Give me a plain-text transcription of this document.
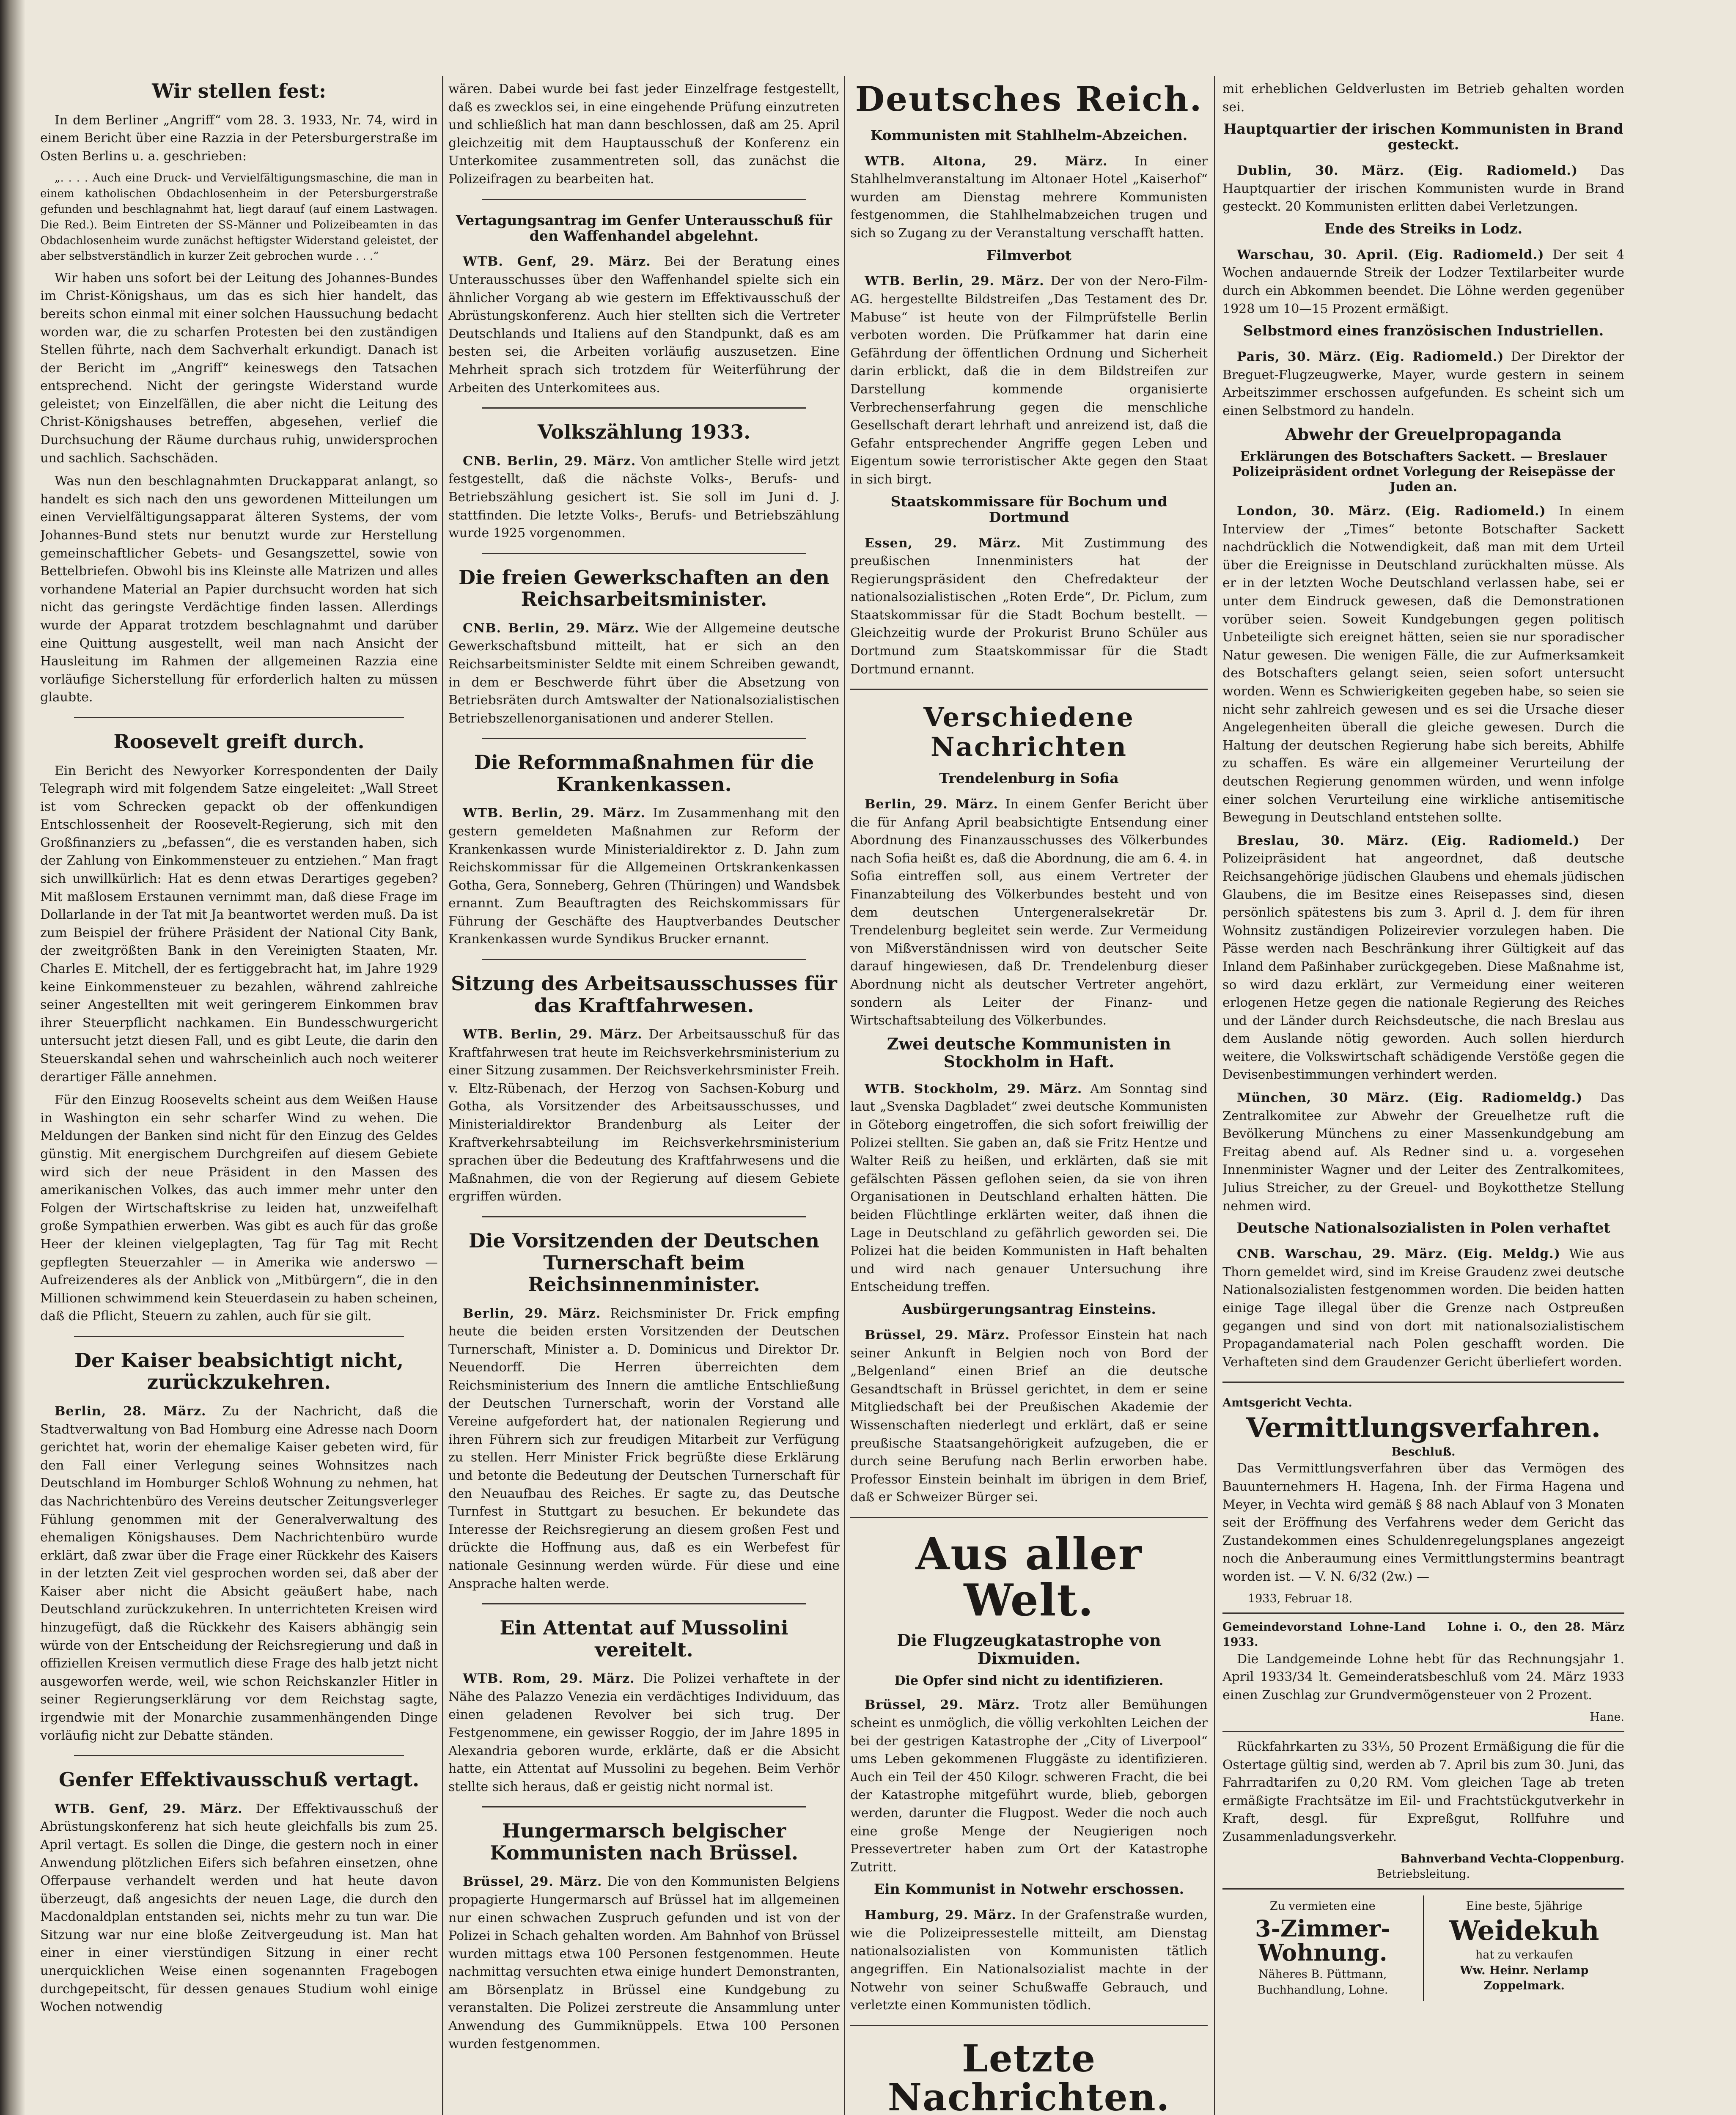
Wir stellen fest:

In dem Berliner „Angriff“ vom 28. 3. 1933, Nr. 74, wird in einem Bericht über eine Razzia in der Petersburgerstraße im Osten Berlins u. a. geschrieben:

„. . . . Auch eine Druck- und Vervielfältigungsmaschine, die man in einem katholischen Obdachlosenheim in der Petersburgerstraße gefunden und beschlagnahmt hat, liegt darauf (auf einem Lastwagen. Die Red.). Beim Eintreten der SS-Männer und Polizeibeamten in das Obdachlosenheim wurde zunächst heftigster Widerstand geleistet, der aber selbstverständlich in kurzer Zeit gebrochen wurde . . .“

Wir haben uns sofort bei der Leitung des Johannes-Bundes im Christ-Königshaus, um das es sich hier handelt, das bereits schon einmal mit einer solchen Haussuchung bedacht worden war, die zu scharfen Protesten bei den zuständigen Stellen führte, nach dem Sachverhalt erkundigt. Danach ist der Bericht im „Angriff“ keineswegs den Tatsachen entsprechend. Nicht der geringste Widerstand wurde geleistet; von Einzelfällen, die aber nicht die Leitung des Christ-Königshauses betreffen, abgesehen, verlief die Durchsuchung der Räume durchaus ruhig, unwidersprochen und sachlich. Sachschäden.

Was nun den beschlagnahmten Druckapparat anlangt, so handelt es sich nach den uns gewordenen Mitteilungen um einen Vervielfältigungsapparat älteren Systems, der vom Johannes-Bund stets nur benutzt wurde zur Herstellung gemeinschaftlicher Gebets- und Gesangszettel, sowie von Bettelbriefen. Obwohl bis ins Kleinste alle Matrizen und alles vorhandene Material an Papier durchsucht worden hat sich nicht das geringste Verdächtige finden lassen. Allerdings wurde der Apparat trotzdem beschlagnahmt und darüber eine Quittung ausgestellt, weil man nach Ansicht der Hausleitung im Rahmen der allgemeinen Razzia eine vorläufige Sicherstellung für erforderlich halten zu müssen glaubte.

Roosevelt greift durch.

Ein Bericht des Newyorker Korrespondenten der Daily Telegraph wird mit folgendem Satze eingeleitet: „Wall Street ist vom Schrecken gepackt ob der offenkundigen Entschlossenheit der Roosevelt-Regierung, sich mit den Großfinanziers zu „befassen“, die es verstanden haben, sich der Zahlung von Einkommensteuer zu entziehen.“ Man fragt sich unwillkürlich: Hat es denn etwas Derartiges gegeben? Mit maßlosem Erstaunen vernimmt man, daß diese Frage im Dollarlande in der Tat mit Ja beantwortet werden muß. Da ist zum Beispiel der frühere Präsident der National City Bank, der zweitgrößten Bank in den Vereinigten Staaten, Mr. Charles E. Mitchell, der es fertiggebracht hat, im Jahre 1929 keine Einkommensteuer zu bezahlen, während zahlreiche seiner Angestellten mit weit geringerem Einkommen brav ihrer Steuerpflicht nachkamen. Ein Bundesschwurgericht untersucht jetzt diesen Fall, und es gibt Leute, die darin den Steuerskandal sehen und wahrscheinlich auch noch weiterer derartiger Fälle annehmen.

Für den Einzug Roosevelts scheint aus dem Weißen Hause in Washington ein sehr scharfer Wind zu wehen. Die Meldungen der Banken sind nicht für den Einzug des Geldes günstig. Mit energischem Durchgreifen auf diesem Gebiete wird sich der neue Präsident in den Massen des amerikanischen Volkes, das auch immer mehr unter den Folgen der Wirtschaftskrise zu leiden hat, unzweifelhaft große Sympathien erwerben. Was gibt es auch für das große Heer der kleinen vielgeplagten, Tag für Tag mit Recht gepflegten Steuerzahler — in Amerika wie anderswo — Aufreizenderes als der Anblick von „Mitbürgern“, die in den Millionen schwimmend kein Steuerdasein zu haben scheinen, daß die Pflicht, Steuern zu zahlen, auch für sie gilt.

Der Kaiser beabsichtigt nicht, zurückzukehren.

Berlin, 28. März. Zu der Nachricht, daß die Stadtverwaltung von Bad Homburg eine Adresse nach Doorn gerichtet hat, worin der ehemalige Kaiser gebeten wird, für den Fall einer Verlegung seines Wohnsitzes nach Deutschland im Homburger Schloß Wohnung zu nehmen, hat das Nachrichtenbüro des Vereins deutscher Zeitungsverleger Fühlung genommen mit der Generalverwaltung des ehemaligen Königshauses. Dem Nachrichtenbüro wurde erklärt, daß zwar über die Frage einer Rückkehr des Kaisers in der letzten Zeit viel gesprochen worden sei, daß aber der Kaiser aber nicht die Absicht geäußert habe, nach Deutschland zurückzukehren. In unterrichteten Kreisen wird hinzugefügt, daß die Rückkehr des Kaisers abhängig sein würde von der Entscheidung der Reichsregierung und daß in offiziellen Kreisen vermutlich diese Frage des halb jetzt nicht ausgeworfen werde, weil, wie schon Reichskanzler Hitler in seiner Regierungserklärung vor dem Reichstag sagte, irgendwie mit der Monarchie zusammenhängenden Dinge vorläufig nicht zur Debatte ständen.

Genfer Effektivausschuß vertagt.

WTB. Genf, 29. März. Der Effektivausschuß der Abrüstungskonferenz hat sich heute gleichfalls bis zum 25. April vertagt. Es sollen die Dinge, die gestern noch in einer Anwendung plötzlichen Eifers sich befahren einsetzen, ohne Offerpause verhandelt werden und hat heute davon überzeugt, daß angesichts der neuen Lage, die durch den Macdonaldplan entstanden sei, nichts mehr zu tun war. Die Sitzung war nur eine bloße Zeitvergeudung ist. Man hat einer in einer vierstündigen Sitzung in einer recht unerquicklichen Weise einen sogenannten Fragebogen durchgepeitscht, für dessen genaues Studium wohl einige Wochen notwendig

wären. Dabei wurde bei fast jeder Einzelfrage festgestellt, daß es zwecklos sei, in eine eingehende Prüfung einzutreten und schließlich hat man dann beschlossen, daß am 25. April gleichzeitig mit dem Hauptausschuß der Konferenz ein Unterkomitee zusammentreten soll, das zunächst die Polizeifragen zu bearbeiten hat.

Vertagungsantrag im Genfer Unterausschuß für den Waffenhandel abgelehnt.

WTB. Genf, 29. März. Bei der Beratung eines Unterausschusses über den Waffenhandel spielte sich ein ähnlicher Vorgang ab wie gestern im Effektivausschuß der Abrüstungskonferenz. Auch hier stellten sich die Vertreter Deutschlands und Italiens auf den Standpunkt, daß es am besten sei, die Arbeiten vorläufig auszusetzen. Eine Mehrheit sprach sich trotzdem für Weiterführung der Arbeiten des Unterkomitees aus.

Volkszählung 1933.

CNB. Berlin, 29. März. Von amtlicher Stelle wird jetzt festgestellt, daß die nächste Volks-, Berufs- und Betriebszählung gesichert ist. Sie soll im Juni d. J. stattfinden. Die letzte Volks-, Berufs- und Betriebszählung wurde 1925 vorgenommen.

Die freien Gewerkschaften an den Reichsarbeitsminister.

CNB. Berlin, 29. März. Wie der Allgemeine deutsche Gewerkschaftsbund mitteilt, hat er sich an den Reichsarbeitsminister Seldte mit einem Schreiben gewandt, in dem er Beschwerde führt über die Absetzung von Betriebsräten durch Amtswalter der Nationalsozialistischen Betriebszellenorganisationen und anderer Stellen.

Die Reformmaßnahmen für die Krankenkassen.

WTB. Berlin, 29. März. Im Zusammenhang mit den gestern gemeldeten Maßnahmen zur Reform der Krankenkassen wurde Ministerialdirektor z. D. Jahn zum Reichskommissar für die Allgemeinen Ortskrankenkassen Gotha, Gera, Sonneberg, Gehren (Thüringen) und Wandsbek ernannt. Zum Beauftragten des Reichskommissars für Führung der Geschäfte des Hauptverbandes Deutscher Krankenkassen wurde Syndikus Brucker ernannt.

Sitzung des Arbeitsausschusses für das Kraftfahrwesen.

WTB. Berlin, 29. März. Der Arbeitsausschuß für das Kraftfahrwesen trat heute im Reichsverkehrsministerium zu einer Sitzung zusammen. Der Reichsverkehrsminister Freih. v. Eltz-Rübenach, der Herzog von Sachsen-Koburg und Gotha, als Vorsitzender des Arbeitsausschusses, und Ministerialdirektor Brandenburg als Leiter der Kraftverkehrsabteilung im Reichsverkehrsministerium sprachen über die Bedeutung des Kraftfahrwesens und die Maßnahmen, die von der Regierung auf diesem Gebiete ergriffen würden.

Die Vorsitzenden der Deutschen Turnerschaft beim Reichsinnenminister.

Berlin, 29. März. Reichsminister Dr. Frick empfing heute die beiden ersten Vorsitzenden der Deutschen Turnerschaft, Minister a. D. Dominicus und Direktor Dr. Neuendorff. Die Herren überreichten dem Reichsministerium des Innern die amtliche Entschließung der Deutschen Turnerschaft, worin der Vorstand alle Vereine aufgefordert hat, der nationalen Regierung und ihren Führern sich zur freudigen Mitarbeit zur Verfügung zu stellen. Herr Minister Frick begrüßte diese Erklärung und betonte die Bedeutung der Deutschen Turnerschaft für den Neuaufbau des Reiches. Er sagte zu, das Deutsche Turnfest in Stuttgart zu besuchen. Er bekundete das Interesse der Reichsregierung an diesem großen Fest und drückte die Hoffnung aus, daß es ein Werbefest für nationale Gesinnung werden würde. Für diese und eine Ansprache halten werde.

Ein Attentat auf Mussolini vereitelt.

WTB. Rom, 29. März. Die Polizei verhaftete in der Nähe des Palazzo Venezia ein verdächtiges Individuum, das einen geladenen Revolver bei sich trug. Der Festgenommene, ein gewisser Roggio, der im Jahre 1895 in Alexandria geboren wurde, erklärte, daß er die Absicht hatte, ein Attentat auf Mussolini zu begehen. Beim Verhör stellte sich heraus, daß er geistig nicht normal ist.

Hungermarsch belgischer Kommunisten nach Brüssel.

Brüssel, 29. März. Die von den Kommunisten Belgiens propagierte Hungermarsch auf Brüssel hat im allgemeinen nur einen schwachen Zuspruch gefunden und ist von der Polizei in Schach gehalten worden. Am Bahnhof von Brüssel wurden mittags etwa 100 Personen festgenommen. Heute nachmittag versuchten etwa einige hundert Demonstranten, am Börsenplatz in Brüssel eine Kundgebung zu veranstalten. Die Polizei zerstreute die Ansammlung unter Anwendung des Gummiknüppels. Etwa 100 Personen wurden festgenommen.

Deutsches Reich.
Kommunisten mit Stahlhelm-Abzeichen.

WTB. Altona, 29. März. In einer Stahlhelmveranstaltung im Altonaer Hotel „Kaiserhof“ wurden am Dienstag mehrere Kommunisten festgenommen, die Stahlhelmabzeichen trugen und sich so Zugang zu der Veranstaltung verschafft hatten.

Filmverbot

WTB. Berlin, 29. März. Der von der Nero-Film-AG. hergestellte Bildstreifen „Das Testament des Dr. Mabuse“ ist heute von der Filmprüfstelle Berlin verboten worden. Die Prüfkammer hat darin eine Gefährdung der öffentlichen Ordnung und Sicherheit darin erblickt, daß die in dem Bildstreifen zur Darstellung kommende organisierte Verbrechenserfahrung gegen die menschliche Gesellschaft derart lehrhaft und anreizend ist, daß die Gefahr entsprechender Angriffe gegen Leben und Eigentum sowie terroristischer Akte gegen den Staat in sich birgt.

Staatskommissare für Bochum und Dortmund

Essen, 29. März. Mit Zustimmung des preußischen Innenministers hat der Regierungspräsident den Chefredakteur der nationalsozialistischen „Roten Erde“, Dr. Piclum, zum Staatskommissar für die Stadt Bochum bestellt. — Gleichzeitig wurde der Prokurist Bruno Schüler aus Dortmund zum Staatskommissar für die Stadt Dortmund ernannt.

Verschiedene Nachrichten
Trendelenburg in Sofia

Berlin, 29. März. In einem Genfer Bericht über die für Anfang April beabsichtigte Entsendung einer Abordnung des Finanzausschusses des Völkerbundes nach Sofia heißt es, daß die Abordnung, die am 6. 4. in Sofia eintreffen soll, aus einem Vertreter der Finanzabteilung des Völkerbundes besteht und von dem deutschen Untergeneralsekretär Dr. Trendelenburg begleitet sein werde. Zur Vermeidung von Mißverständnissen wird von deutscher Seite darauf hingewiesen, daß Dr. Trendelenburg dieser Abordnung nicht als deutscher Vertreter angehört, sondern als Leiter der Finanz- und Wirtschaftsabteilung des Völkerbundes.

Zwei deutsche Kommunisten in Stockholm in Haft.

WTB. Stockholm, 29. März. Am Sonntag sind laut „Svenska Dagbladet“ zwei deutsche Kommunisten in Göteborg eingetroffen, die sich sofort freiwillig der Polizei stellten. Sie gaben an, daß sie Fritz Hentze und Walter Reiß zu heißen, und erklärten, daß sie mit gefälschten Pässen geflohen seien, da sie von ihren Organisationen in Deutschland erhalten hätten. Die beiden Flüchtlinge erklärten weiter, daß ihnen die Lage in Deutschland zu gefährlich geworden sei. Die Polizei hat die beiden Kommunisten in Haft behalten und wird nach genauer Untersuchung ihre Entscheidung treffen.

Ausbürgerungsantrag Einsteins.

Brüssel, 29. März. Professor Einstein hat nach seiner Ankunft in Belgien noch von Bord der „Belgenland“ einen Brief an die deutsche Gesandtschaft in Brüssel gerichtet, in dem er seine Mitgliedschaft bei der Preußischen Akademie der Wissenschaften niederlegt und erklärt, daß er seine preußische Staatsangehörigkeit aufzugeben, die er durch seine Berufung nach Berlin erworben habe. Professor Einstein beinhalt im übrigen in dem Brief, daß er Schweizer Bürger sei.

Aus aller Welt.
Die Flugzeugkatastrophe von Dixmuiden.
Die Opfer sind nicht zu identifizieren.

Brüssel, 29. März. Trotz aller Bemühungen scheint es unmöglich, die völlig verkohlten Leichen der bei der gestrigen Katastrophe der „City of Liverpool“ ums Leben gekommenen Fluggäste zu identifizieren. Auch ein Teil der 450 Kilogr. schweren Fracht, die bei der Katastrophe mitgeführt wurde, blieb, geborgen werden, darunter die Flugpost. Weder die noch auch eine große Menge der Neugierigen noch Pressevertreter haben zum Ort der Katastrophe Zutritt.

Ein Kommunist in Notwehr erschossen.

Hamburg, 29. März. In der Grafenstraße wurden, wie die Polizeipressestelle mitteilt, am Dienstag nationalsozialisten von Kommunisten tätlich angegriffen. Ein Nationalsozialist machte in der Notwehr von seiner Schußwaffe Gebrauch, und verletzte einen Kommunisten tödlich.

Letzte Nachrichten.

mit erheblichen Geldverlusten im Betrieb gehalten worden sei.

Hauptquartier der irischen Kommunisten in Brand gesteckt.

Dublin, 30. März. (Eig. Radiomeld.) Das Hauptquartier der irischen Kommunisten wurde in Brand gesteckt. 20 Kommunisten erlitten dabei Verletzungen.

Ende des Streiks in Lodz.

Warschau, 30. April. (Eig. Radiomeld.) Der seit 4 Wochen andauernde Streik der Lodzer Textilarbeiter wurde durch ein Abkommen beendet. Die Löhne werden gegenüber 1928 um 10—15 Prozent ermäßigt.

Selbstmord eines französischen Industriellen.

Paris, 30. März. (Eig. Radiomeld.) Der Direktor der Breguet-Flugzeugwerke, Mayer, wurde gestern in seinem Arbeitszimmer erschossen aufgefunden. Es scheint sich um einen Selbstmord zu handeln.

Abwehr der Greuelpropaganda
Erklärungen des Botschafters Sackett. — Breslauer Polizeipräsident ordnet Vorlegung der Reisepässe der Juden an.

London, 30. März. (Eig. Radiomeld.) In einem Interview der „Times“ betonte Botschafter Sackett nachdrücklich die Notwendigkeit, daß man mit dem Urteil über die Ereignisse in Deutschland zurückhalten müsse. Als er in der letzten Woche Deutschland verlassen habe, sei er unter dem Eindruck gewesen, daß die Demonstrationen vorüber seien. Soweit Kundgebungen gegen politisch Unbeteiligte sich ereignet hätten, seien sie nur sporadischer Natur gewesen. Die wenigen Fälle, die zur Aufmerksamkeit des Botschafters gelangt seien, seien sofort untersucht worden. Wenn es Schwierigkeiten gegeben habe, so seien sie nicht sehr zahlreich gewesen und es sei die Ursache dieser Angelegenheiten überall die gleiche gewesen. Durch die Haltung der deutschen Regierung habe sich bereits, Abhilfe zu schaffen. Es wäre ein allgemeiner Verurteilung der deutschen Regierung genommen würden, und wenn infolge einer solchen Verurteilung eine wirkliche antisemitische Bewegung in Deutschland entstehen sollte.

Breslau, 30. März. (Eig. Radiomeld.) Der Polizeipräsident hat angeordnet, daß deutsche Reichsangehörige jüdischen Glaubens und ehemals jüdischen Glaubens, die im Besitze eines Reisepasses sind, diesen persönlich spätestens bis zum 3. April d. J. dem für ihren Wohnsitz zuständigen Polizeirevier vorzulegen haben. Die Pässe werden nach Beschränkung ihrer Gültigkeit auf das Inland dem Paßinhaber zurückgegeben. Diese Maßnahme ist, so wird dazu erklärt, zur Vermeidung einer weiteren erlogenen Hetze gegen die nationale Regierung des Reiches und der Länder durch Reichsdeutsche, die nach Breslau aus dem Auslande nötig geworden. Auch sollen hierdurch weitere, die Volkswirtschaft schädigende Verstöße gegen die Devisenbestimmungen verhindert werden.

München, 30 März. (Eig. Radiomeldg.) Das Zentralkomitee zur Abwehr der Greuelhetze ruft die Bevölkerung Münchens zu einer Massenkundgebung am Freitag abend auf. Als Redner sind u. a. vorgesehen Innenminister Wagner und der Leiter des Zentralkomitees, Julius Streicher, zu der Greuel- und Boykotthetze Stellung nehmen wird.

Deutsche Nationalsozialisten in Polen verhaftet

CNB. Warschau, 29. März. (Eig. Meldg.) Wie aus Thorn gemeldet wird, sind im Kreise Graudenz zwei deutsche Nationalsozialisten festgenommen worden. Die beiden hatten einige Tage illegal über die Grenze nach Ostpreußen gegangen und sind von dort mit nationalsozialistischem Propagandamaterial nach Polen geschafft worden. Die Verhafteten sind dem Graudenzer Gericht überliefert worden.

Amtsgericht Vechta.
Vermittlungsverfahren.
Beschluß.

Das Vermittlungsverfahren über das Vermögen des Bauunternehmers H. Hagena, Inh. der Firma Hagena und Meyer, in Vechta wird gemäß § 88 nach Ablauf von 3 Monaten seit der Eröffnung des Verfahrens weder dem Gericht das Zustandekommen eines Schuldenregelungsplanes angezeigt noch die Anberaumung eines Vermittlungstermins beantragt worden ist. — V. N. 6/32 (2w.) —

1933, Februar 18.
Gemeindevorstand Lohne-Land Lohne i. O., den 28. März 1933.

Die Landgemeinde Lohne hebt für das Rechnungsjahr 1. April 1933/34 lt. Gemeinderatsbeschluß vom 24. März 1933 einen Zuschlag zur Grundvermögensteuer von 2 Prozent.

Hane.

Rückfahrkarten zu 33⅓, 50 Prozent Ermäßigung die für die Ostertage gültig sind, werden ab 7. April bis zum 30. Juni, das Fahrradtarifen zu 0,20 RM. Vom gleichen Tage ab treten ermäßigte Frachtsätze im Eil- und Frachtstückgutverkehr in Kraft, desgl. für Expreßgut, Rollfuhre und Zusammenladungsverkehr.

Bahnverband Vechta-Cloppenburg.
Betriebsleitung.
Zu vermieten eine
3-Zimmer-Wohnung.
Näheres B. Püttmann, Buchhandlung, Lohne.
Eine beste, 5jährige
Weidekuh
hat zu verkaufen
Ww. Heinr. Nerlamp Zoppelmark.
